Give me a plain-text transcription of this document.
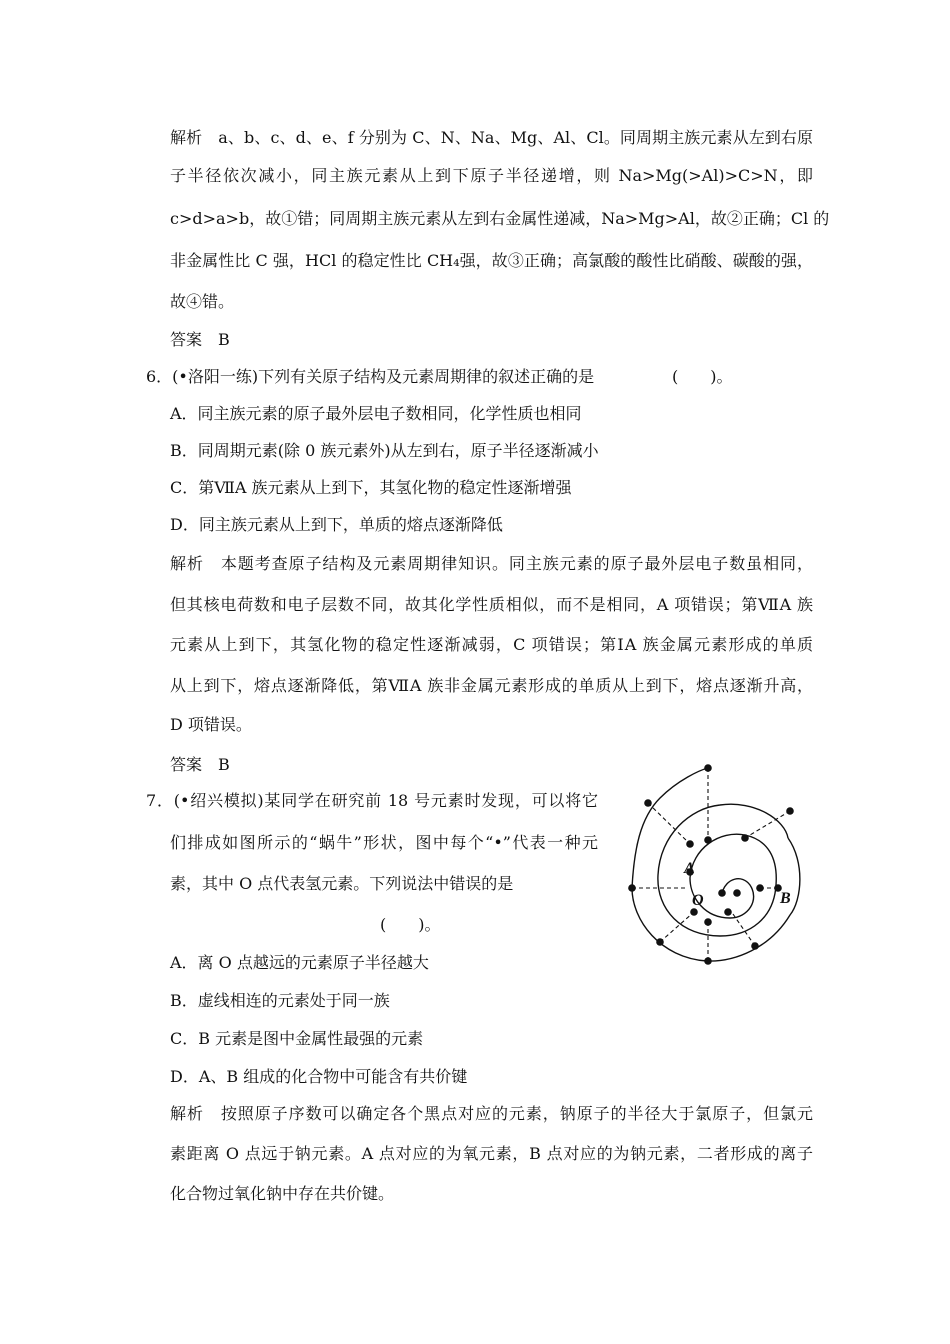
解析　a、b、c、d、e、f 分别为 C、N、Na、Mg、Al、Cl。同周期主族元素从左到右原
子半径依次减小，同主族元素从上到下原子半径递增，则 Na>Mg(>Al)>C>N，即
c>d>a>b，故①错；同周期主族元素从左到右金属性递减，Na>Mg>Al，故②正确；Cl 的
非金属性比 C 强，HCl 的稳定性比 CH₄强，故③正确；高氯酸的酸性比硝酸、碳酸的强，
故④错。
答案　B
6．(•洛阳一练)下列有关原子结构及元素周期律的叙述正确的是	(　　)。
A．同主族元素的原子最外层电子数相同，化学性质也相同
B．同周期元素(除 0 族元素外)从左到右，原子半径逐渐减小
C．第ⅦA 族元素从上到下，其氢化物的稳定性逐渐增强
D．同主族元素从上到下，单质的熔点逐渐降低
解析　本题考查原子结构及元素周期律知识。同主族元素的原子最外层电子数虽相同，
但其核电荷数和电子层数不同，故其化学性质相似，而不是相同，A 项错误；第ⅦA 族
元素从上到下，其氢化物的稳定性逐渐减弱，C 项错误；第ⅠA 族金属元素形成的单质
从上到下，熔点逐渐降低，第ⅦA 族非金属元素形成的单质从上到下，熔点逐渐升高，
D 项错误。
答案　B
7．(•绍兴模拟)某同学在研究前 18 号元素时发现，可以将它
们排成如图所示的“蜗牛”形状，图中每个“•”代表一种元
素，其中 O 点代表氢元素。下列说法中错误的是
(　　)。
A．离 O 点越远的元素原子半径越大
B．虚线相连的元素处于同一族
C．B 元素是图中金属性最强的元素
D．A、B 组成的化合物中可能含有共价键
解析　按照原子序数可以确定各个黑点对应的元素，钠原子的半径大于氯原子，但氯元
素距离 O 点远于钠元素。A 点对应的为氧元素，B 点对应的为钠元素，二者形成的离子
化合物过氧化钠中存在共价键。
A
O	B
